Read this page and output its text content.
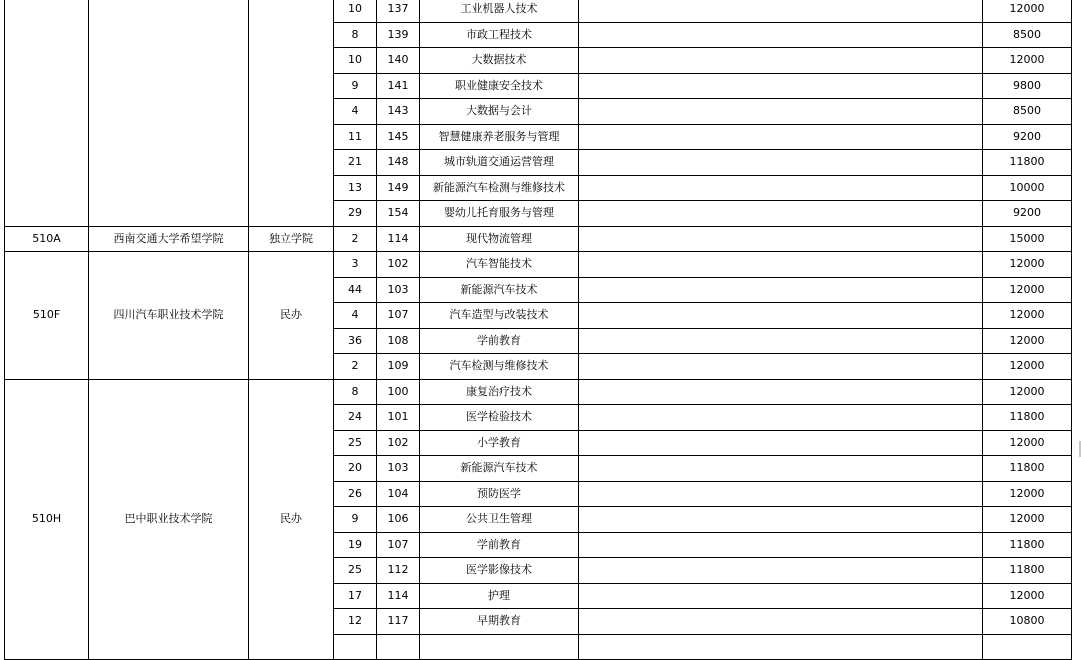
			10	137	工业机器人技术		12000
			8	139	市政工程技术		8500
			10	140	大数据技术		12000
			9	141	职业健康安全技术		9800
			4	143	大数据与会计		8500
			11	145	智慧健康养老服务与管理		9200
			21	148	城市轨道交通运营管理		11800
			13	149	新能源汽车检测与维修技术		10000
			29	154	婴幼儿托育服务与管理		9200
510A	西南交通大学希望学院	独立学院	2	114	现代物流管理		15000
510F	四川汽车职业技术学院	民办	3	102	汽车智能技术		12000
			44	103	新能源汽车技术		12000
			4	107	汽车造型与改装技术		12000
			36	108	学前教育		12000
			2	109	汽车检测与维修技术		12000
510H	巴中职业技术学院	民办	8	100	康复治疗技术		12000
			24	101	医学检验技术		11800
			25	102	小学教育		12000
			20	103	新能源汽车技术		11800
			26	104	预防医学		12000
			9	106	公共卫生管理		12000
			19	107	学前教育		11800
			25	112	医学影像技术		11800
			17	114	护理		12000
			12	117	早期教育		10800
